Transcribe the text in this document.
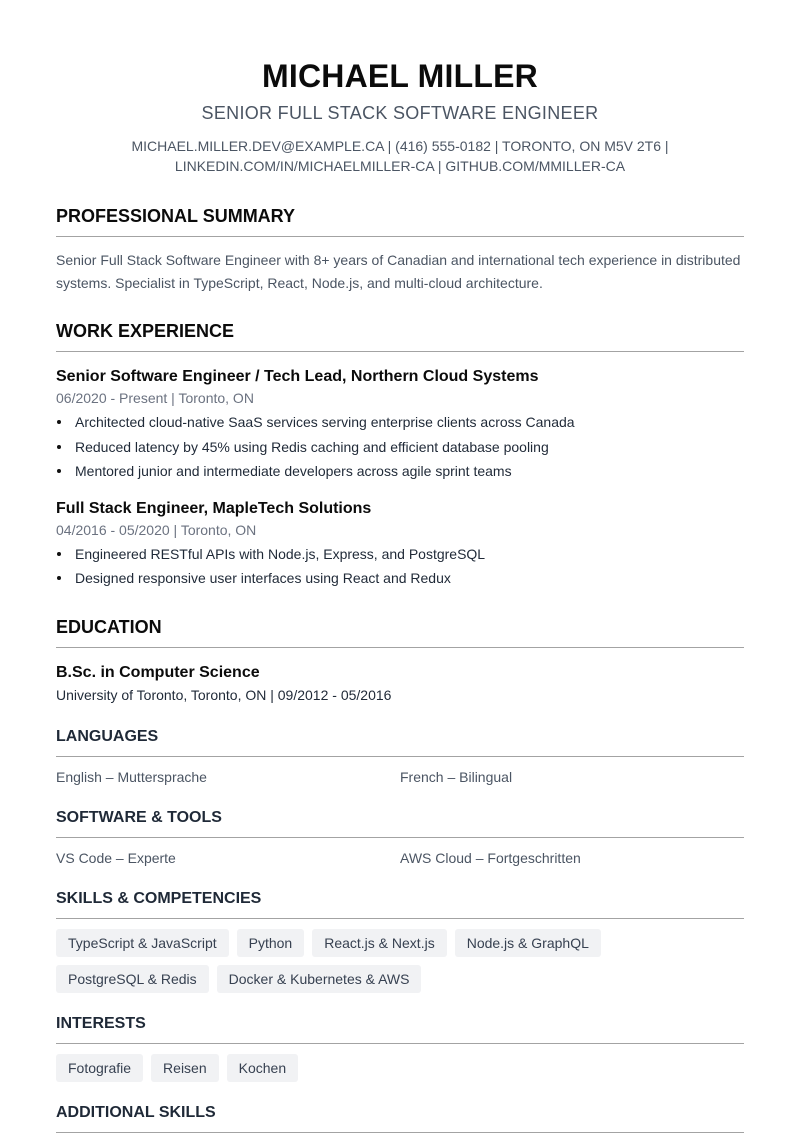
MICHAEL MILLER
SENIOR FULL STACK SOFTWARE ENGINEER
MICHAEL.MILLER.DEV@EXAMPLE.CA | (416) 555-0182 | TORONTO, ON M5V 2T6 |
LINKEDIN.COM/IN/MICHAELMILLER-CA | GITHUB.COM/MMILLER-CA
PROFESSIONAL SUMMARY
Senior Full Stack Software Engineer with 8+ years of Canadian and international tech experience in distributed systems. Specialist in TypeScript, React, Node.js, and multi-cloud architecture.
WORK EXPERIENCE
Senior Software Engineer / Tech Lead, Northern Cloud Systems
06/2020 - Present | Toronto, ON
Architected cloud-native SaaS services serving enterprise clients across Canada
Reduced latency by 45% using Redis caching and efficient database pooling
Mentored junior and intermediate developers across agile sprint teams
Full Stack Engineer, MapleTech Solutions
04/2016 - 05/2020 | Toronto, ON
Engineered RESTful APIs with Node.js, Express, and PostgreSQL
Designed responsive user interfaces using React and Redux
EDUCATION
B.Sc. in Computer Science
University of Toronto, Toronto, ON | 09/2012 - 05/2016
LANGUAGES
English – Muttersprache	French – Bilingual
SOFTWARE & TOOLS
VS Code – Experte	AWS Cloud – Fortgeschritten
SKILLS & COMPETENCIES
TypeScript & JavaScript	Python	React.js & Next.js	Node.js & GraphQL
PostgreSQL & Redis	Docker & Kubernetes & AWS
INTERESTS
Fotografie	Reisen	Kochen
ADDITIONAL SKILLS
